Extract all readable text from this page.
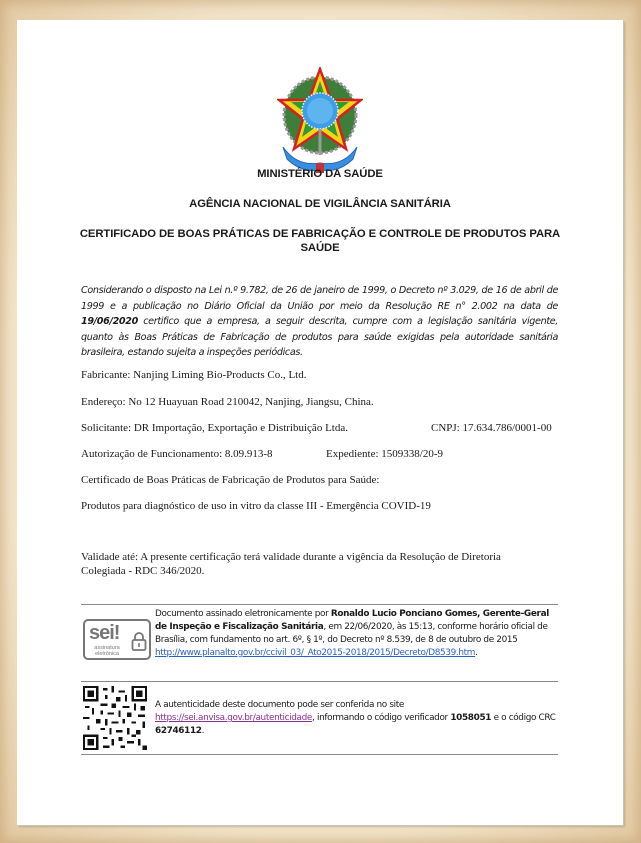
MINISTÉRIO DA SAÚDE
AGÊNCIA NACIONAL DE VIGILÂNCIA SANITÁRIA
CERTIFICADO DE BOAS PRÁTICAS DE FABRICAÇÃO E CONTROLE DE PRODUTOS PARA
SAÚDE
Considerando o disposto na Lei n.º 9.782, de 26 de janeiro de 1999, o Decreto nº 3.029, de 16 de abril de 1999 e a publicação no Diário Oficial da União por meio da Resolução RE n° 2.002 na data de 19/06/2020 certifico que a empresa, a seguir descrita, cumpre com a legislação sanitária vigente, quanto às Boas Práticas de Fabricação de produtos para saúde exigidas pela autoridade sanitária brasileira, estando sujeita a inspeções periódicas.
Fabricante: Nanjing Liming Bio-Products Co., Ltd.
Endereço: No 12 Huayuan Road 210042, Nanjing, Jiangsu, China.
Solicitante: DR Importação, Exportação e Distribuição Ltda.	CNPJ: 17.634.786/0001-00
Autorização de Funcionamento: 8.09.913-8	Expediente: 1509338/20-9
Certificado de Boas Práticas de Fabricação de Produtos para Saúde:
Produtos para diagnóstico de uso in vitro da classe III - Emergência COVID-19
Validade até: A presente certificação terá validade durante a vigência da Resolução de Diretoria
Colegiada - RDC 346/2020.
sei!
assinatura
eletrônica
Documento assinado eletronicamente por Ronaldo Lucio Ponciano Gomes, Gerente-Geral de Inspeção e Fiscalização Sanitária, em 22/06/2020, às 15:13, conforme horário oficial de Brasília, com fundamento no art. 6º, § 1º, do Decreto nº 8.539, de 8 de outubro de 2015 http://www.planalto.gov.br/ccivil_03/_Ato2015-2018/2015/Decreto/D8539.htm.
A autenticidade deste documento pode ser conferida no site
https://sei.anvisa.gov.br/autenticidade, informando o código verificador 1058051 e o código CRC 62746112.
